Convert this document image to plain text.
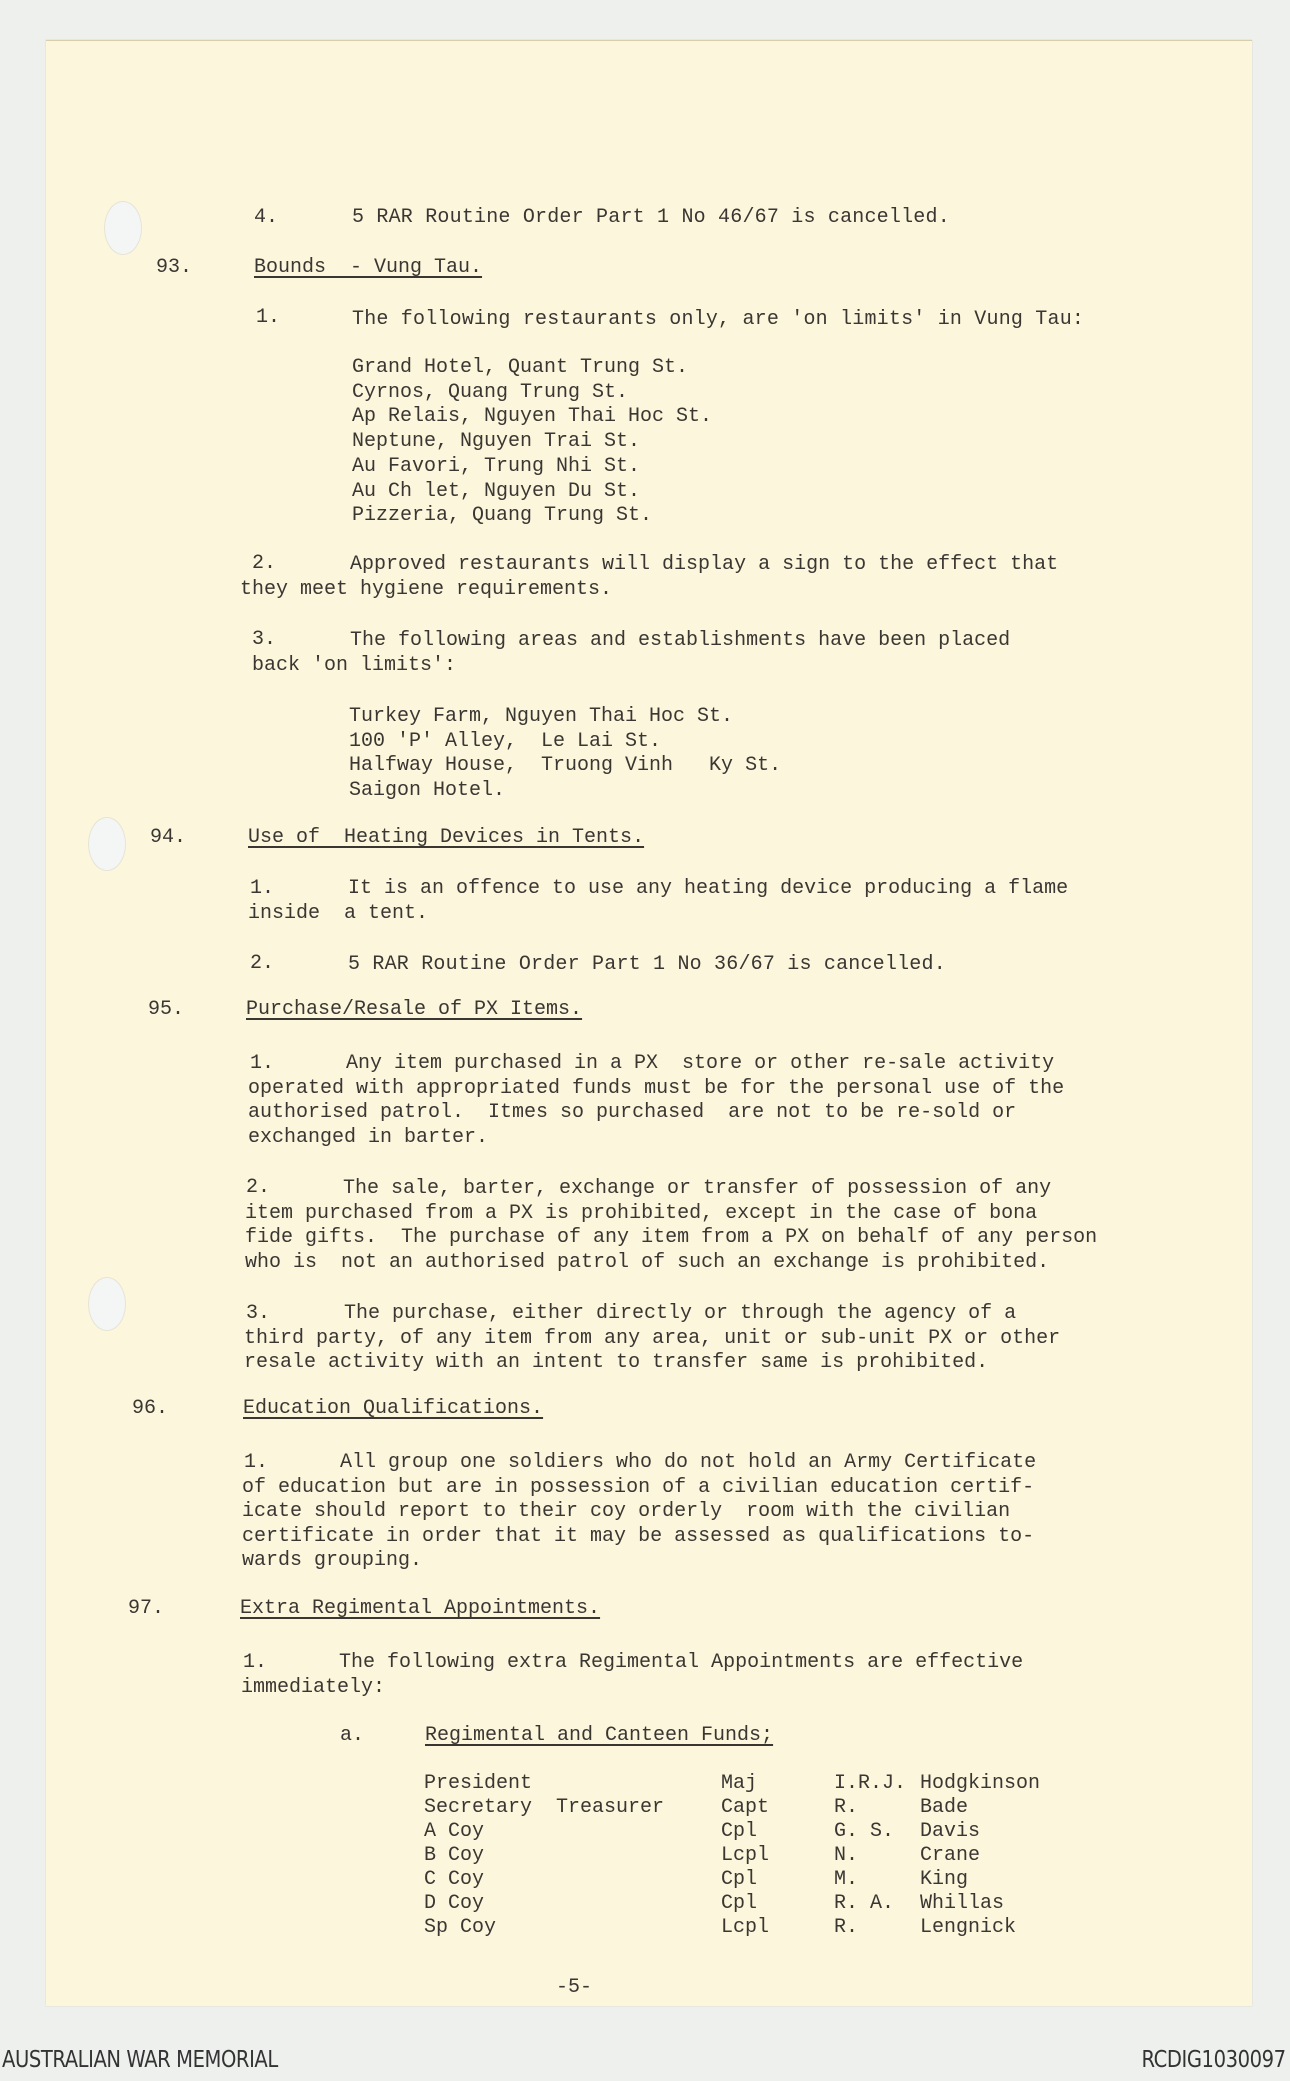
4.	5 RAR Routine Order Part 1 No 46/67 is cancelled.
93.	Bounds  - Vung Tau.
1.	The following restaurants only, are 'on limits' in Vung Tau:
Grand Hotel, Quant Trung St.
Cyrnos, Quang Trung St.
Ap Relais, Nguyen Thai Hoc St.
Neptune, Nguyen Trai St.
Au Favori, Trung Nhi St.
Au Ch let, Nguyen Du St.
Pizzeria, Quang Trung St.
2.	Approved restaurants will display a sign to the effect that
they meet hygiene requirements.
3.	The following areas and establishments have been placed
back 'on limits':
Turkey Farm, Nguyen Thai Hoc St.
100 'P' Alley,  Le Lai St.
Halfway House,  Truong Vinh   Ky St.
Saigon Hotel.
94.	Use of  Heating Devices in Tents.
1.	It is an offence to use any heating device producing a flame
inside  a tent.
2.	5 RAR Routine Order Part 1 No 36/67 is cancelled.
95.	Purchase/Resale of PX Items.
1.	Any item purchased in a PX  store or other re-sale activity
operated with appropriated funds must be for the personal use of the
authorised patrol.  Itmes so purchased  are not to be re-sold or
exchanged in barter.
2.	The sale, barter, exchange or transfer of possession of any
item purchased from a PX is prohibited, except in the case of bona
fide gifts.  The purchase of any item from a PX on behalf of any person
who is  not an authorised patrol of such an exchange is prohibited.
3.	The purchase, either directly or through the agency of a
third party, of any item from any area, unit or sub-unit PX or other
resale activity with an intent to transfer same is prohibited.
96.	Education Qualifications.
1.	All group one soldiers who do not hold an Army Certificate
of education but are in possession of a civilian education certif-
icate should report to their coy orderly  room with the civilian
certificate in order that it may be assessed as qualifications to-
wards grouping.
97.	Extra Regimental Appointments.
1.	The following extra Regimental Appointments are effective
immediately:
a.	Regimental and Canteen Funds;
President	Maj	I.R.J. Hodgkinson
Secretary  Treasurer	Capt	R.	Bade
A Coy	Cpl	G. S. Davis
B Coy	Lcpl	N.	Crane
C Coy	Cpl	M.	King
D Coy	Cpl	R. A. Whillas
Sp Coy	Lcpl	R.	Lengnick
-5-
AUSTRALIAN WAR MEMORIAL	RCDIG1030097
